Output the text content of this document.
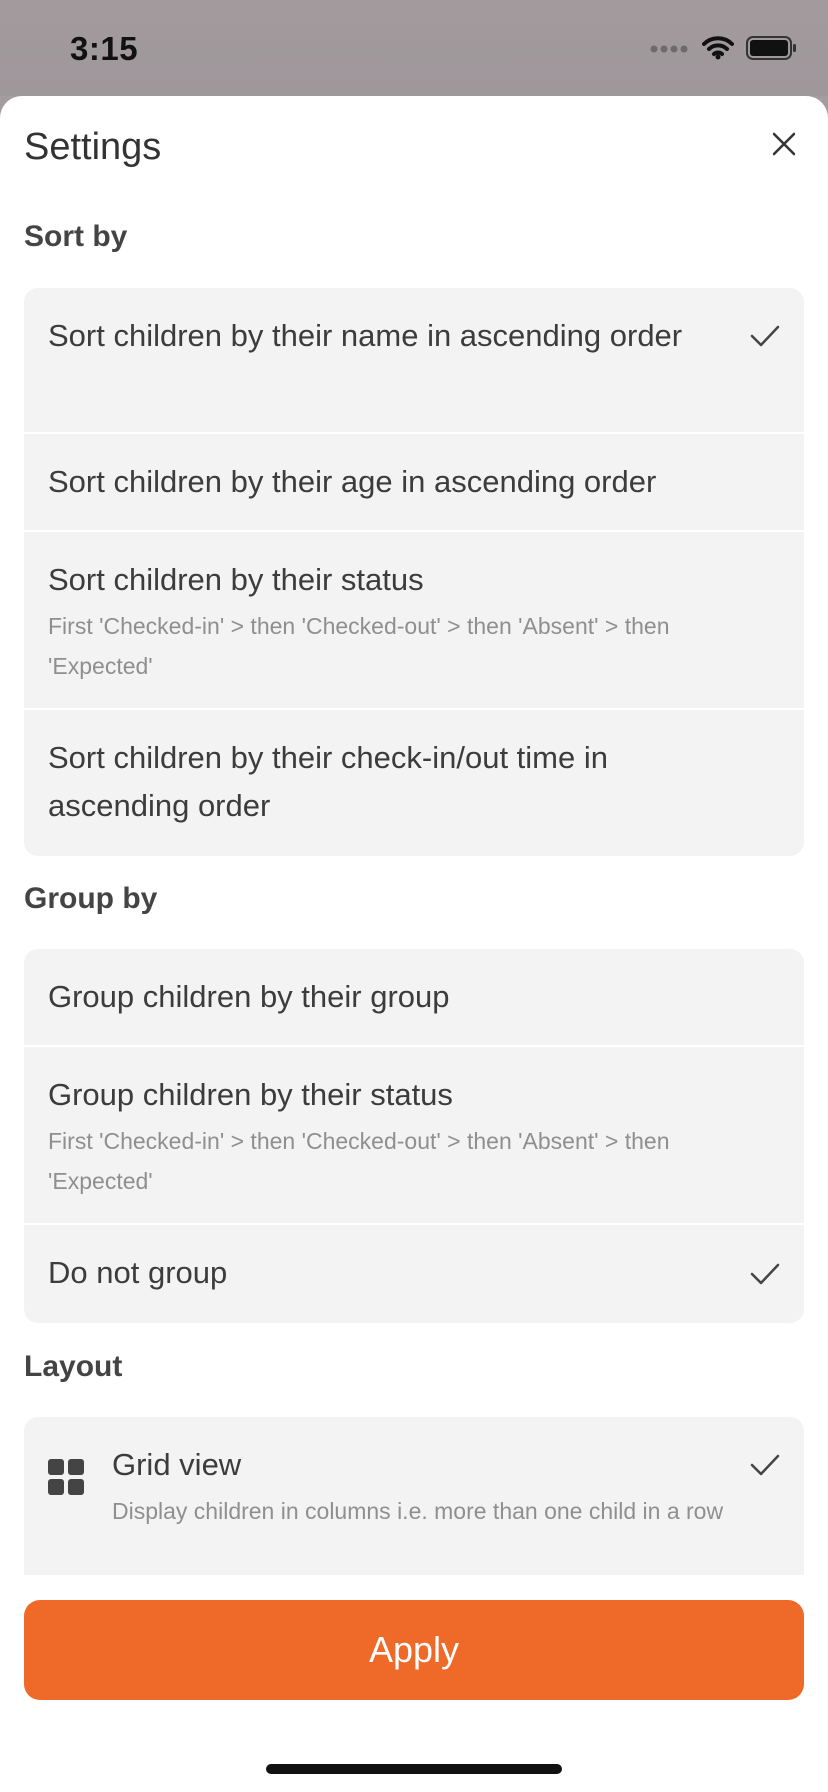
3:15
Settings
Sort by
Sort children by their name in ascending order
Sort children by their age in ascending order
Sort children by their status
First 'Checked-in' > then 'Checked-out' > then 'Absent' > then 'Expected'
Sort children by their check-in/out time in ascending order
Group by
Group children by their group
Group children by their status
First 'Checked-in' > then 'Checked-out' > then 'Absent' > then 'Expected'
Do not group
Layout
Grid view
Display children in columns i.e. more than one child in a row
Apply
